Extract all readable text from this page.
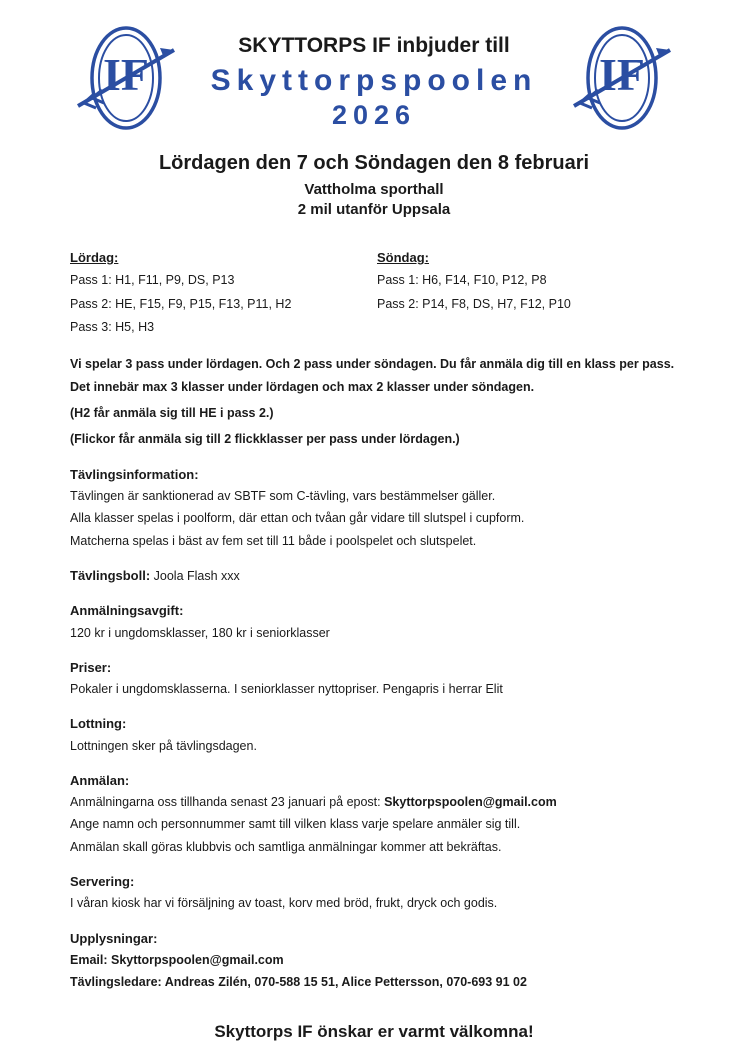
IF	IF
SKYTTORPS IF inbjuder till
Skyttorpspoolen
2026
Lördagen den 7 och Söndagen den 8 februari
Vattholma sporthall
2 mil utanför Uppsala
Lördag:
Pass 1: H1, F11, P9, DS, P13
Pass 2: HE, F15, F9, P15, F13, P11, H2
Pass 3: H5, H3
Söndag:
Pass 1: H6, F14, F10, P12, P8
Pass 2: P14, F8, DS, H7, F12, P10

Vi spelar 3 pass under lördagen. Och 2 pass under söndagen. Du får anmäla dig till en klass per pass.

Det innebär max 3 klasser under lördagen och max 2 klasser under söndagen.

(H2 får anmäla sig till HE i pass 2.)

(Flickor får anmäla sig till 2 flickklasser per pass under lördagen.)

Tävlingsinformation:

Tävlingen är sanktionerad av SBTF som C-tävling, vars bestämmelser gäller.

Alla klasser spelas i poolform, där ettan och tvåan går vidare till slutspel i cupform.

Matcherna spelas i bäst av fem set till 11 både i poolspelet och slutspelet.

Tävlingsboll: Joola Flash xxx

Anmälningsavgift:

120 kr i ungdomsklasser, 180 kr i seniorklasser

Priser:

Pokaler i ungdomsklasserna. I seniorklasser nyttopriser. Pengapris i herrar Elit

Lottning:

Lottningen sker på tävlingsdagen.

Anmälan:

Anmälningarna oss tillhanda senast 23 januari på epost: Skyttorpspoolen@gmail.com

Ange namn och personnummer samt till vilken klass varje spelare anmäler sig till.

Anmälan skall göras klubbvis och samtliga anmälningar kommer att bekräftas.

Servering:

I våran kiosk har vi försäljning av toast, korv med bröd, frukt, dryck och godis.

Upplysningar:

Email: Skyttorpspoolen@gmail.com

Tävlingsledare: Andreas Zilén, 070-588 15 51, Alice Pettersson, 070-693 91 02

Skyttorps IF önskar er varmt välkomna!
